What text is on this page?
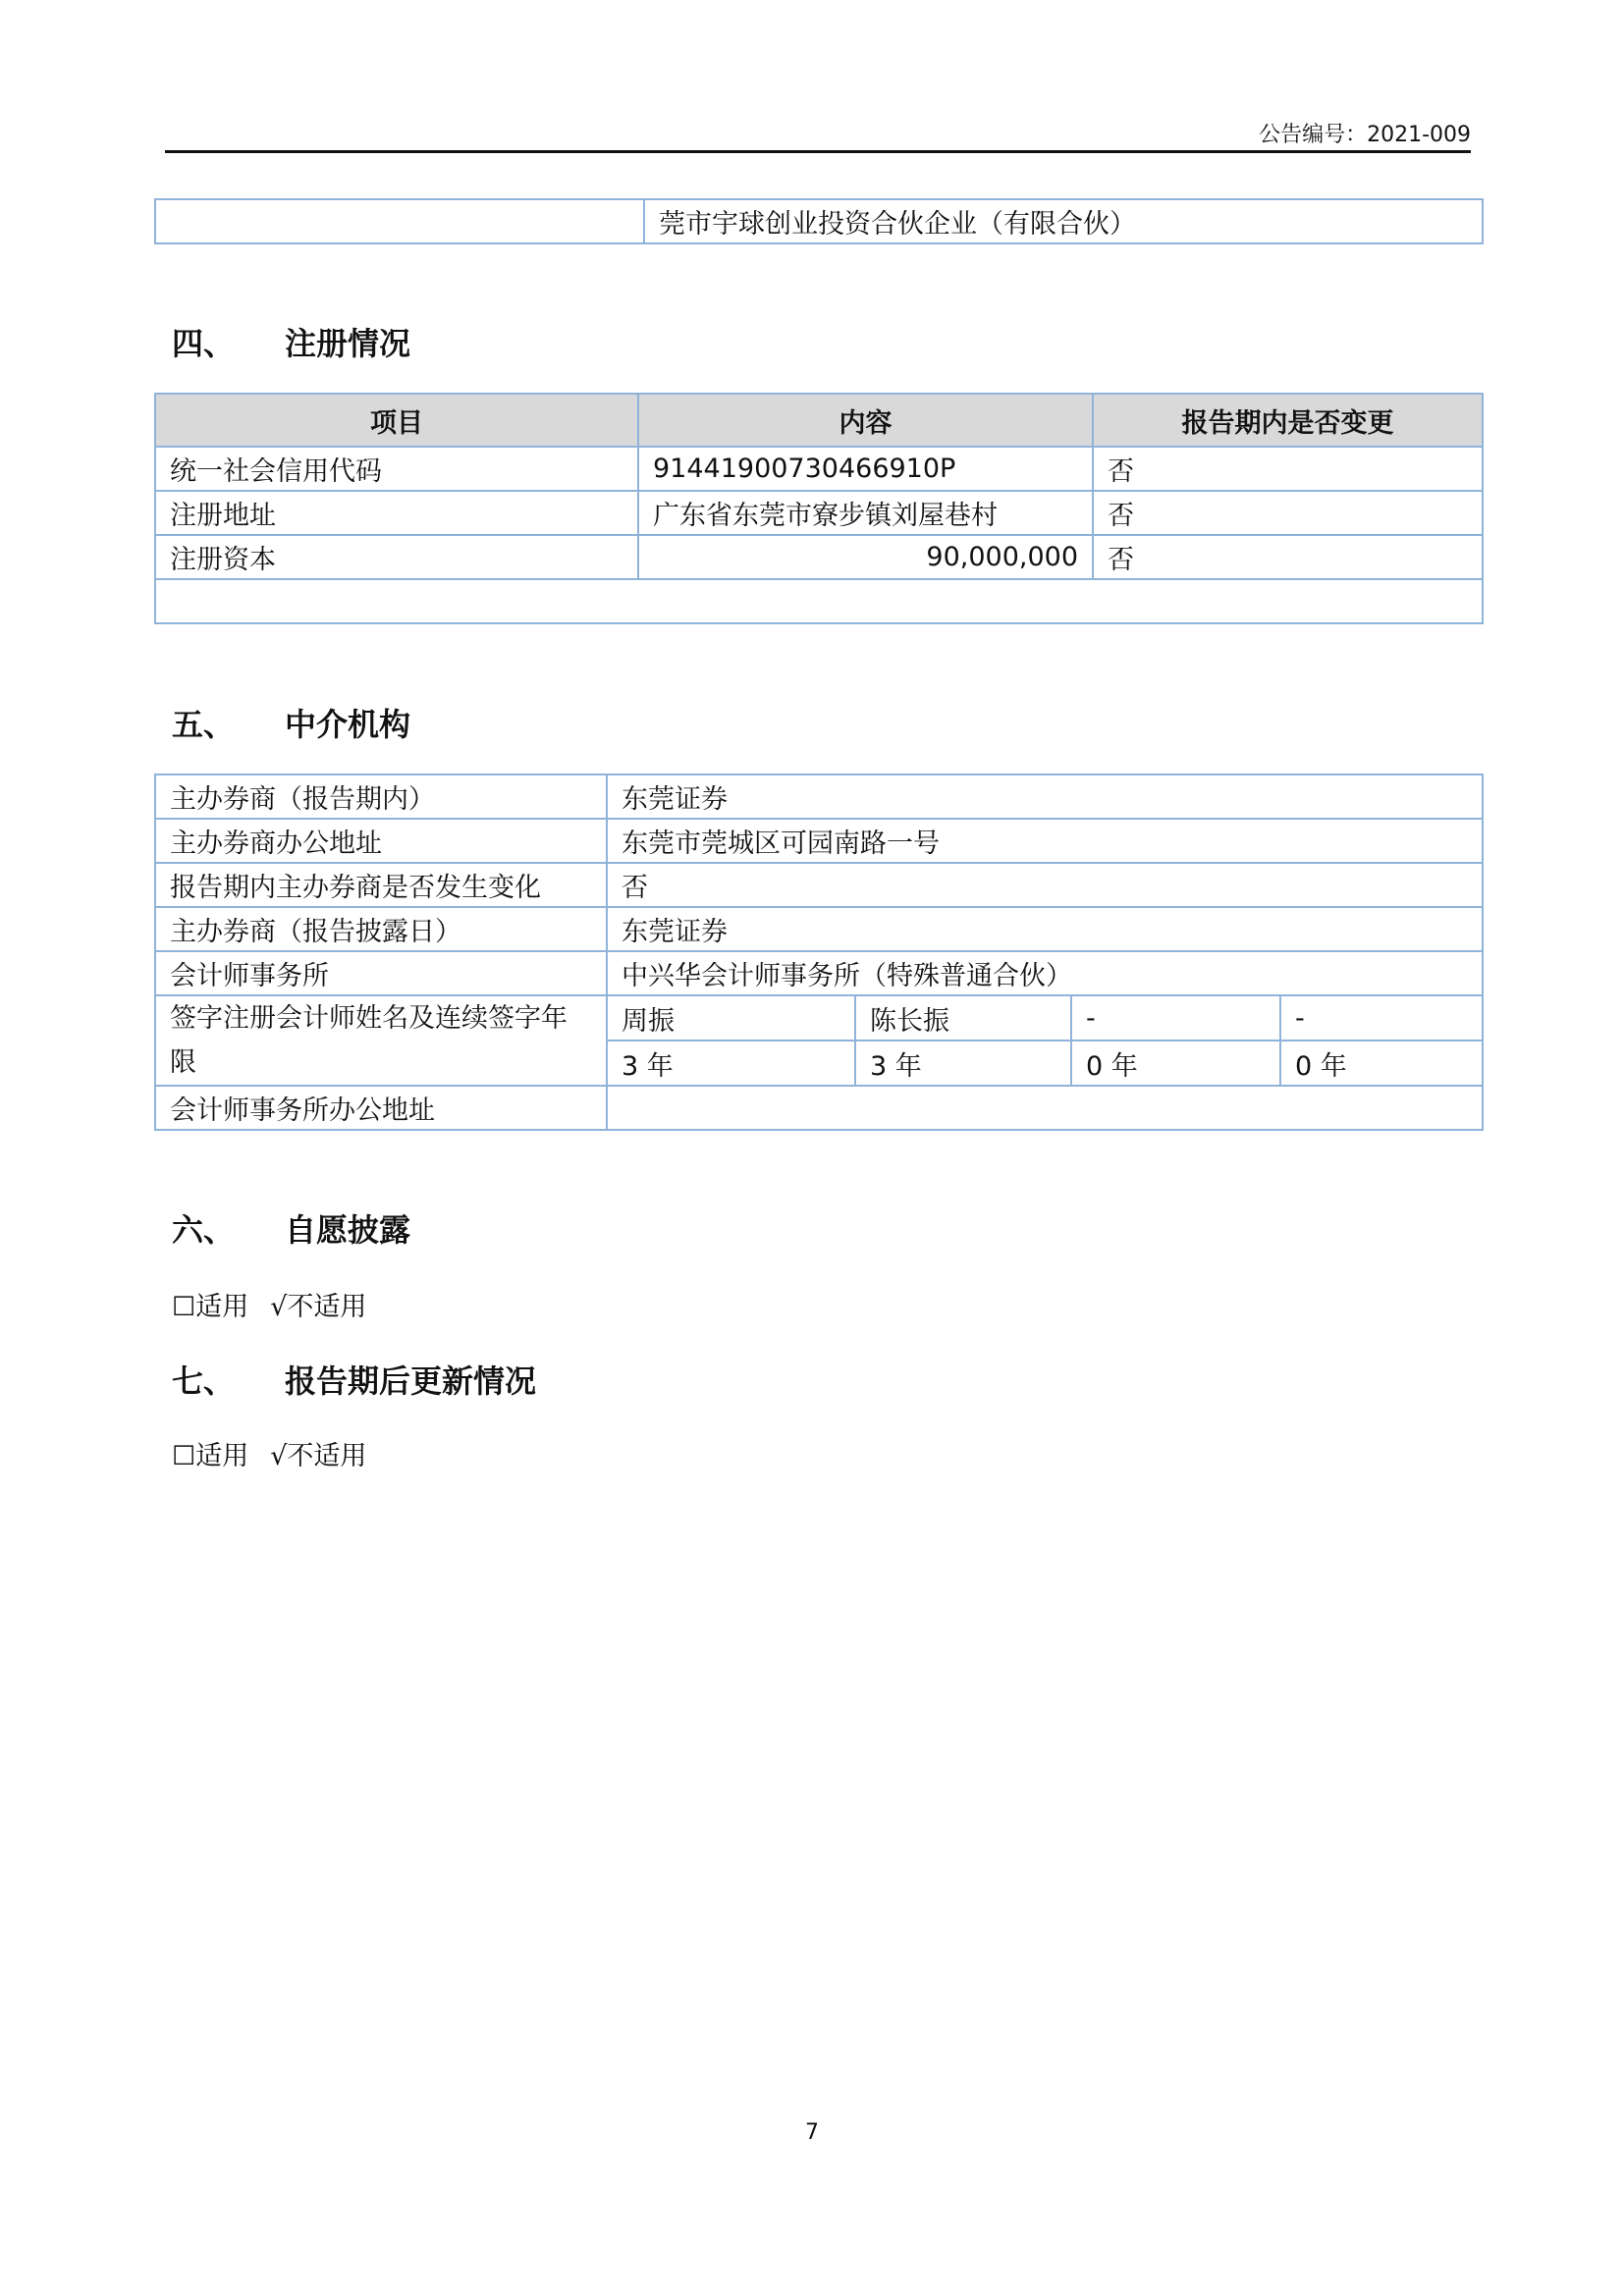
公告编号：2021-009
	莞市宇球创业投资合伙企业（有限合伙）
四、 注册情况
项目	内容	报告期内是否变更
统一社会信用代码	91441900730466910P	否
注册地址	广东省东莞市寮步镇刘屋巷村	否
注册资本	90,000,000	否

五、 中介机构
主办券商（报告期内）	东莞证券			
主办券商办公地址	东莞市莞城区可园南路一号			
报告期内主办券商是否发生变化	否			
主办券商（报告披露日）	东莞证券			
会计师事务所	中兴华会计师事务所（特殊普通合伙）			
签字注册会计师姓名及连续签字年限	周振	陈长振	-	-
	3 年	3 年	0 年	0 年
会计师事务所办公地址				
六、 自愿披露
☐适用 √不适用
七、 报告期后更新情况
☐适用 √不适用
7
